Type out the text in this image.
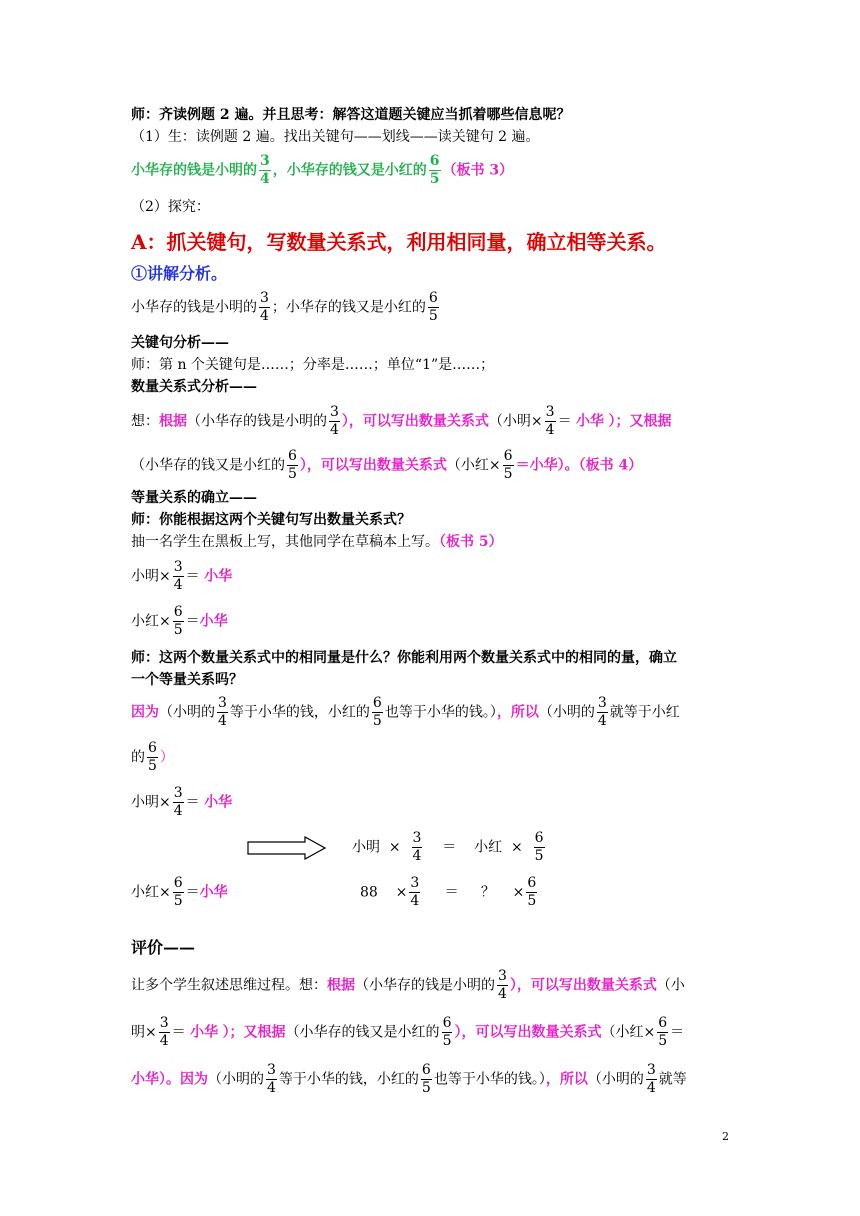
师：齐读例题 2 遍。并且思考：解答这道题关键应当抓着哪些信息呢？
（1）生：读例题 2 遍。找出关键句——划线——读关键句 2 遍。
小华存的钱是小明的 $\frac{3}{4}$ ，小华存的钱又是小红的 $\frac{6}{5}$ （板书 3）
（2）探究：
A：抓关键句，写数量关系式，利用相同量，确立相等关系。
①讲解分析。
小华存的钱是小明的 $\frac{3}{4}$ ；小华存的钱又是小红的 $\frac{6}{5}$
关键句分析——
师：第 n 个关键句是……；分率是……；单位“1”是……；
数量关系式分析——
想：根据（小华存的钱是小明的 $\frac{3}{4}$ ），可以写出数量关系式（小明× $\frac{3}{4}$ ＝ 小华 ）；又根据
（小华存的钱又是小红的 $\frac{6}{5}$ ），可以写出数量关系式（小红× $\frac{6}{5}$ ＝小华）。（板书 4）
等量关系的确立——
师：你能根据这两个关键句写出数量关系式？
抽一名学生在黑板上写，其他同学在草稿本上写。（板书 5）
小明× $\frac{3}{4}$ ＝ 小华
小红× $\frac{6}{5}$ ＝小华
师：这两个数量关系式中的相同量是什么？你能利用两个数量关系式中的相同的量，确立
一个等量关系吗？
因为（小明的 $\frac{3}{4}$ 等于小华的钱，小红的 $\frac{6}{5}$ 也等于小华的钱。），所以（小明的 $\frac{3}{4}$ 就等于小红
的 $\frac{6}{5}$ ）
小明× $\frac{3}{4}$ ＝ 小华
小明 × $\frac{3}{4}$ ＝ 小红 × $\frac{6}{5}$
小红× $\frac{6}{5}$ ＝小华	$88 \times \frac{3}{4}$ ＝ ？ × $\frac{6}{5}$
评价——
让多个学生叙述思维过程。想：根据（小华存的钱是小明的 $\frac{3}{4}$ ），可以写出数量关系式（小
明× $\frac{3}{4}$ ＝ 小华 ）；又根据（小华存的钱又是小红的 $\frac{6}{5}$ ），可以写出数量关系式（小红× $\frac{6}{5}$ ＝
小华）。因为（小明的 $\frac{3}{4}$ 等于小华的钱，小红的 $\frac{6}{5}$ 也等于小华的钱。），所以（小明的 $\frac{3}{4}$ 就等
2
